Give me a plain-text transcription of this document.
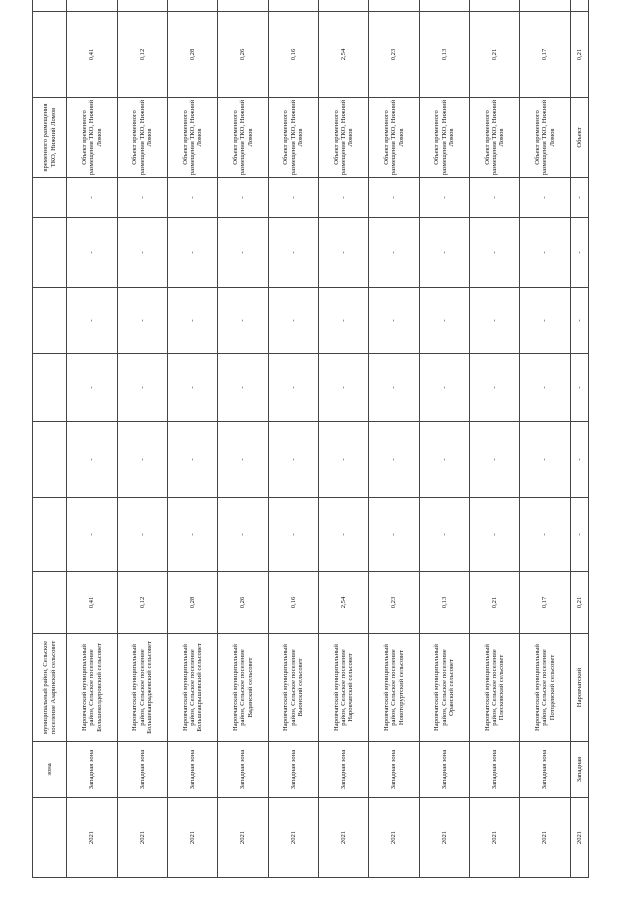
	зона	муниципальный район, Сельское поселение Азаринский сельсовет								временного размещения ТКО, Нижний Ломов		
2021	Западная зона	Наровчатский муниципальный район, Сельское поселение Большеколдеровский сельсовет	0,41	-	-	-	-	-	-	Объект временного размещения ТКО, Нижний Ломов	0,41	
2021	Западная зона	Наровчатский муниципальный район, Сельское поселение Большекавраджевский сельсовет	0,12	-	-	-	-	-	-	Объект временного размещения ТКО, Нижний Ломов	0,12	
2021	Западная зона	Наровчатский муниципальный район, Сельское поселение Большеакрышевский сельсовет	0,28	-	-	-	-	-	-	Объект временного размещения ТКО, Нижний Ломов	0,28	
2021	Западная зона	Наровчатский муниципальный район, Сельское поселение Вадинский сельсовет	0,26	-	-	-	-	-	-	Объект временного размещения ТКО, Нижний Ломов	0,26	
2021	Западная зона	Наровчатский муниципальный район, Сельское поселение Вьюнский сельсовет	0,16	-	-	-	-	-	-	Объект временного размещения ТКО, Нижний Ломов	0,16	
2021	Западная зона	Наровчатский муниципальный район, Сельское поселение Наровчатский сельсовет	2,54	-	-	-	-	-	-	Объект временного размещения ТКО, Нижний Ломов	2,54	
2021	Западная зона	Наровчатский муниципальный район, Сельское поселение Новоторуртский сельсовет	0,23	-	-	-	-	-	-	Объект временного размещения ТКО, Нижний Ломов	0,23	
2021	Западная зона	Наровчатский муниципальный район, Сельское поселение Оранский сельсовет	0,13	-	-	-	-	-	-	Объект временного размещения ТКО, Нижний Ломов	0,13	
2021	Западная зона	Наровчатский муниципальный район, Сельское поселение Плесковский сельсовет	0,21	-	-	-	-	-	-	Объект временного размещения ТКО, Нижний Ломов	0,21	
2021	Западная зона	Наровчатский муниципальный район, Сельское поселение Потодевский сельсовет	0,17	-	-	-	-	-	-	Объект временного размещения ТКО, Нижний Ломов	0,17	
2021	Западная	Наровчатский	0,21	-	-	-	-	-	-	Объект	0,21	
